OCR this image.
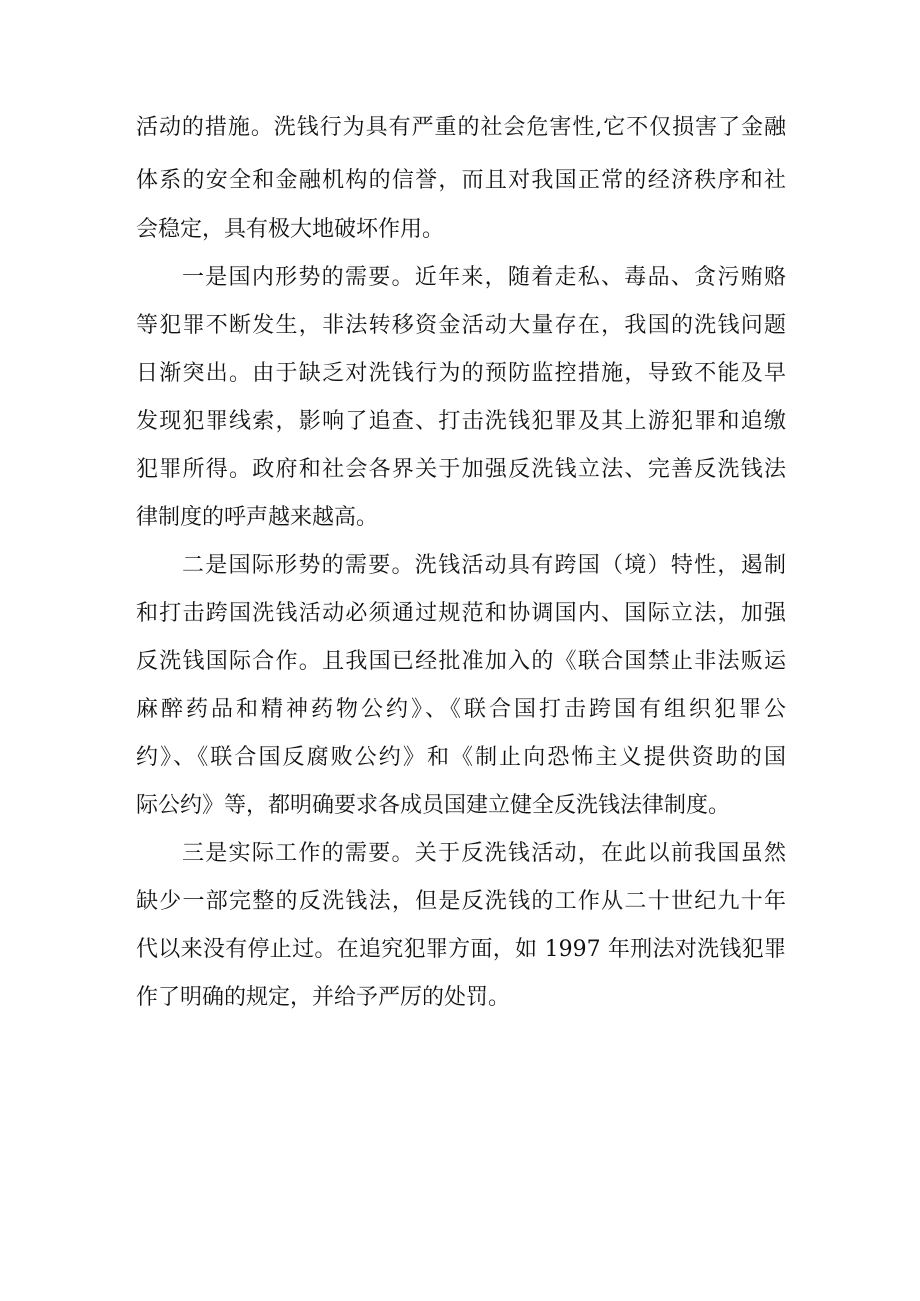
活动的措施。洗钱行为具有严重的社会危害性,它不仅损害了金融
体系的安全和金融机构的信誉，而且对我国正常的经济秩序和社
会稳定，具有极大地破坏作用。
一是国内形势的需要。近年来，随着走私、毒品、贪污贿赂
等犯罪不断发生，非法转移资金活动大量存在，我国的洗钱问题
日渐突出。由于缺乏对洗钱行为的预防监控措施，导致不能及早
发现犯罪线索，影响了追查、打击洗钱犯罪及其上游犯罪和追缴
犯罪所得。政府和社会各界关于加强反洗钱立法、完善反洗钱法
律制度的呼声越来越高。
二是国际形势的需要。洗钱活动具有跨国（境）特性，遏制
和打击跨国洗钱活动必须通过规范和协调国内、国际立法，加强
反洗钱国际合作。且我国已经批准加入的《联合国禁止非法贩运
麻醉药品和精神药物公约》、《联合国打击跨国有组织犯罪公
约》、《联合国反腐败公约》和《制止向恐怖主义提供资助的国
际公约》等，都明确要求各成员国建立健全反洗钱法律制度。
三是实际工作的需要。关于反洗钱活动，在此以前我国虽然
缺少一部完整的反洗钱法，但是反洗钱的工作从二十世纪九十年
代以来没有停止过。在追究犯罪方面，如 1997 年刑法对洗钱犯罪
作了明确的规定，并给予严厉的处罚。
